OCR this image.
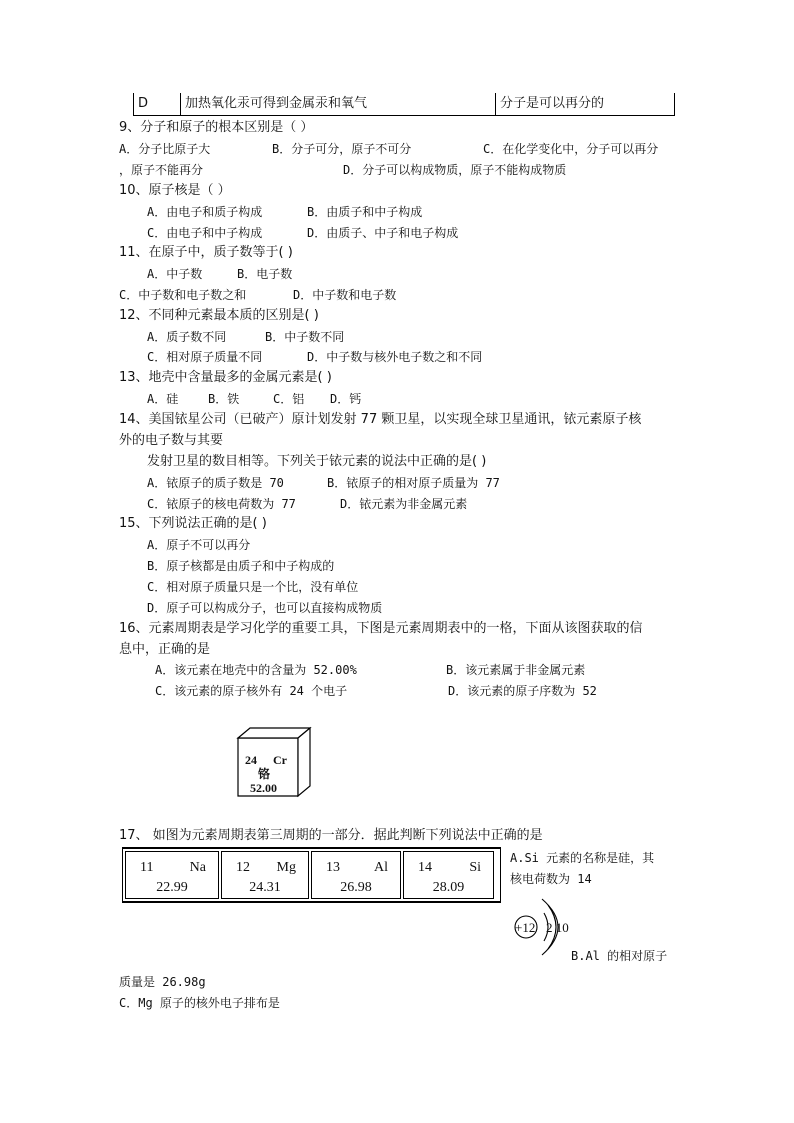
D	加热氧化汞可得到金属汞和氧气	分子是可以再分的
9、分子和原子的根本区别是（ ）
A．分子比原子大	B．分子可分，原子不可分	C．在化学变化中，分子可以再分
，原子不能再分	D．分子可以构成物质，原子不能构成物质
10、原子核是（ ）
A．由电子和质子构成	B．由质子和中子构成
C．由电子和中子构成	D．由质子、中子和电子构成
11、在原子中，质子数等于( )
A．中子数	B．电子数
C．中子数和电子数之和	D．中子数和电子数
12、不同种元素最本质的区别是( )
A．质子数不同	B．中子数不同
C．相对原子质量不同	D．中子数与核外电子数之和不同
13、地壳中含量最多的金属元素是( )
A．硅 B．铁	C．铝 D．钙
14、美国铱星公司（已破产）原计划发射 77 颗卫星，以实现全球卫星通讯，铱元素原子核
外的电子数与其要
发射卫星的数目相等。下列关于铱元素的说法中正确的是( )
A．铱原子的质子数是 70	B．铱原子的相对原子质量为 77
C．铱原子的核电荷数为 77	D．铱元素为非金属元素
15、下列说法正确的是( )
A．原子不可以再分
B．原子核都是由质子和中子构成的
C．相对原子质量只是一个比，没有单位
D．原子可以构成分子，也可以直接构成物质
16、元素周期表是学习化学的重要工具，下图是元素周期表中的一格，下面从该图获取的信
息中，正确的是
A．该元素在地壳中的含量为 52.00%	B．该元素属于非金属元素
C．该元素的原子核外有 24 个电子	D．该元素的原子序数为 52
24 Cr
铬
52.00
17、 如图为元素周期表第三周期的一部分．据此判断下列说法中正确的是
11	Na
22.99
12 Mg
24.31
13 Al
26.98
14	Si
28.09
A.Si 元素的名称是硅，其
核电荷数为 14
+12 2 10
B.Al 的相对原子
质量是 26.98g
C．Mg 原子的核外电子排布是
